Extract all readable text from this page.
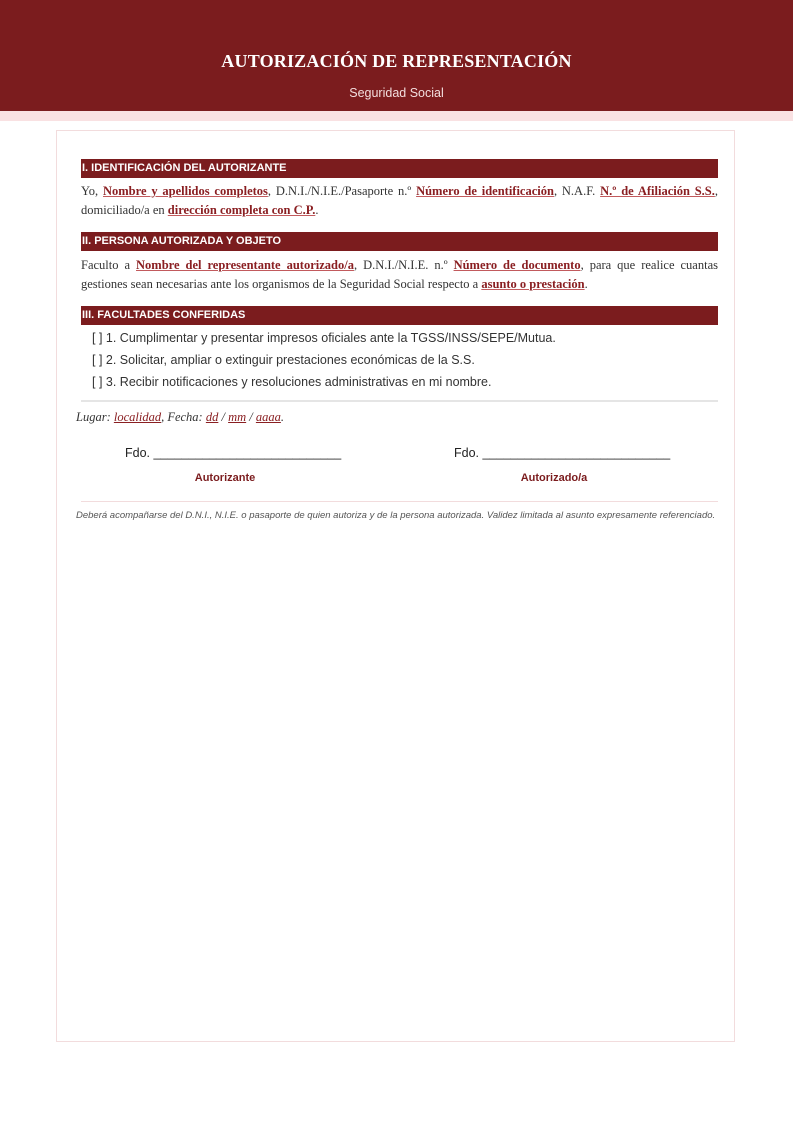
AUTORIZACIÓN DE REPRESENTACIÓN
Seguridad Social
I. IDENTIFICACIÓN DEL AUTORIZANTE
Yo, Nombre y apellidos completos, D.N.I./N.I.E./Pasaporte n.º Número de identificación, N.A.F. N.º de Afiliación S.S., domiciliado/a en dirección completa con C.P..
II. PERSONA AUTORIZADA Y OBJETO
Faculto a Nombre del representante autorizado/a, D.N.I./N.I.E. n.º Número de documento, para que realice cuantas gestiones sean necesarias ante los organismos de la Seguridad Social respecto a asunto o prestación.
III. FACULTADES CONFERIDAS
[ ] 1. Cumplimentar y presentar impresos oficiales ante la TGSS/INSS/SEPE/Mutua.
[ ] 2. Solicitar, ampliar o extinguir prestaciones económicas de la S.S.
[ ] 3. Recibir notificaciones y resoluciones administrativas en mi nombre.
Lugar: localidad, Fecha: dd / mm / aaaa.
Fdo. ___________________________
Autorizante
Fdo. ___________________________
Autorizado/a
Deberá acompañarse del D.N.I., N.I.E. o pasaporte de quien autoriza y de la persona autorizada. Validez limitada al asunto expresamente referenciado.
